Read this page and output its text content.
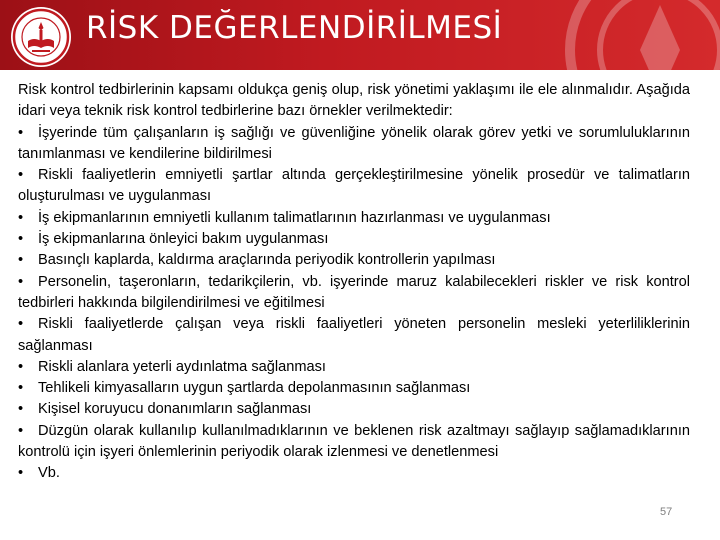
RİSK DEĞERLENDİRİLMESİ

Risk kontrol tedbirlerinin kapsamı oldukça geniş olup, risk yönetimi yaklaşımı ile ele alınmalıdır. Aşağıda idari veya teknik risk kontrol tedbirlerine bazı örnekler verilmektedir:

• İşyerinde tüm çalışanların iş sağlığı ve güvenliğine yönelik olarak görev yetki ve sorumluluklarının tanımlanması ve kendilerine bildirilmesi
• Riskli faaliyetlerin emniyetli şartlar altında gerçekleştirilmesine yönelik prosedür ve talimatların oluşturulması ve uygulanması
• İş ekipmanlarının emniyetli kullanım talimatlarının hazırlanması ve uygulanması
• İş ekipmanlarına önleyici bakım uygulanması
• Basınçlı kaplarda, kaldırma araçlarında periyodik kontrollerin yapılması
• Personelin, taşeronların, tedarikçilerin, vb. işyerinde maruz kalabilecekleri riskler ve risk kontrol tedbirleri hakkında bilgilendirilmesi ve eğitilmesi
• Riskli faaliyetlerde çalışan veya riskli faaliyetleri yöneten personelin mesleki yeterliliklerinin sağlanması
• Riskli alanlara yeterli aydınlatma sağlanması
• Tehlikeli kimyasalların uygun şartlarda depolanmasının sağlanması
• Kişisel koruyucu donanımların sağlanması
• Düzgün olarak kullanılıp kullanılmadıklarının ve beklenen risk azaltmayı sağlayıp sağlamadıklarının kontrolü için işyeri önlemlerinin periyodik olarak izlenmesi ve denetlenmesi
• Vb.
57
